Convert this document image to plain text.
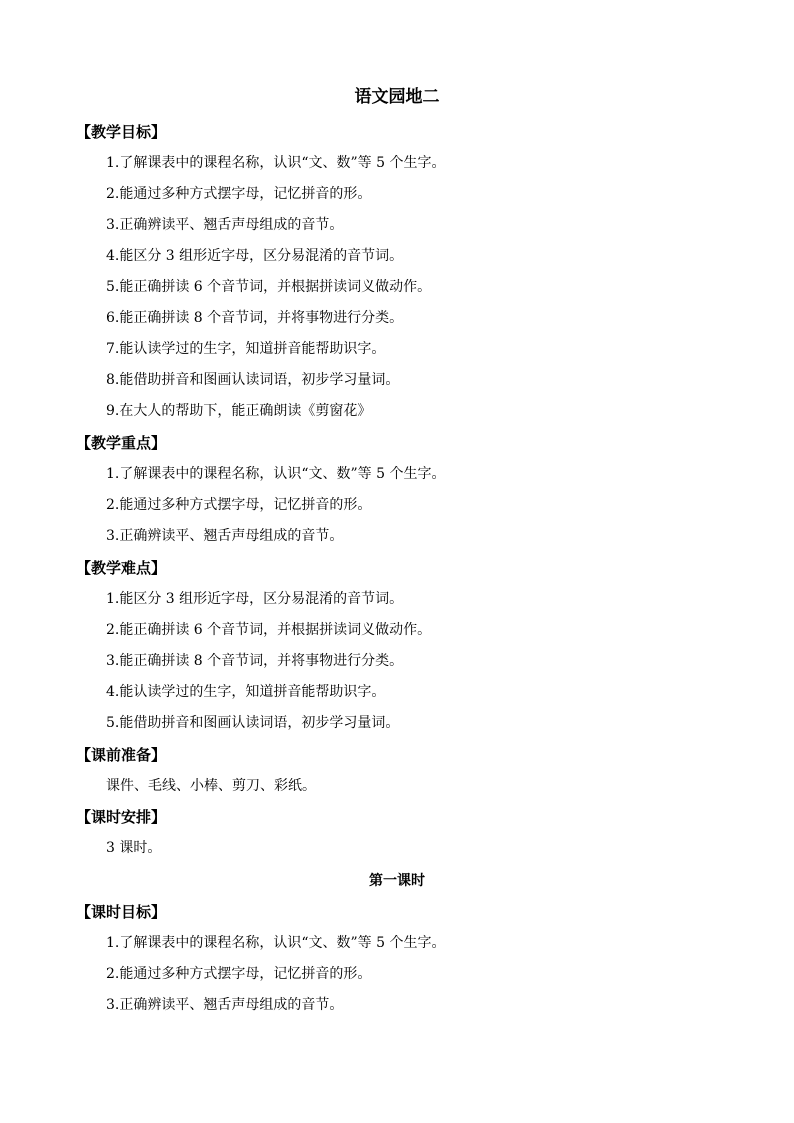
语文园地二
【教学目标】
1.了解课表中的课程名称，认识“文、数”等 5 个生字。
2.能通过多种方式摆字母，记忆拼音的形。
3.正确辨读平、翘舌声母组成的音节。
4.能区分 3 组形近字母，区分易混淆的音节词。
5.能正确拼读 6 个音节词，并根据拼读词义做动作。
6.能正确拼读 8 个音节词，并将事物进行分类。
7.能认读学过的生字，知道拼音能帮助识字。
8.能借助拼音和图画认读词语，初步学习量词。
9.在大人的帮助下，能正确朗读《剪窗花》
【教学重点】
1.了解课表中的课程名称，认识“文、数”等 5 个生字。
2.能通过多种方式摆字母，记忆拼音的形。
3.正确辨读平、翘舌声母组成的音节。
【教学难点】
1.能区分 3 组形近字母，区分易混淆的音节词。
2.能正确拼读 6 个音节词，并根据拼读词义做动作。
3.能正确拼读 8 个音节词，并将事物进行分类。
4.能认读学过的生字，知道拼音能帮助识字。
5.能借助拼音和图画认读词语，初步学习量词。
【课前准备】
课件、毛线、小棒、剪刀、彩纸。
【课时安排】
3 课时。
第一课时
【课时目标】
1.了解课表中的课程名称，认识“文、数”等 5 个生字。
2.能通过多种方式摆字母，记忆拼音的形。
3.正确辨读平、翘舌声母组成的音节。
